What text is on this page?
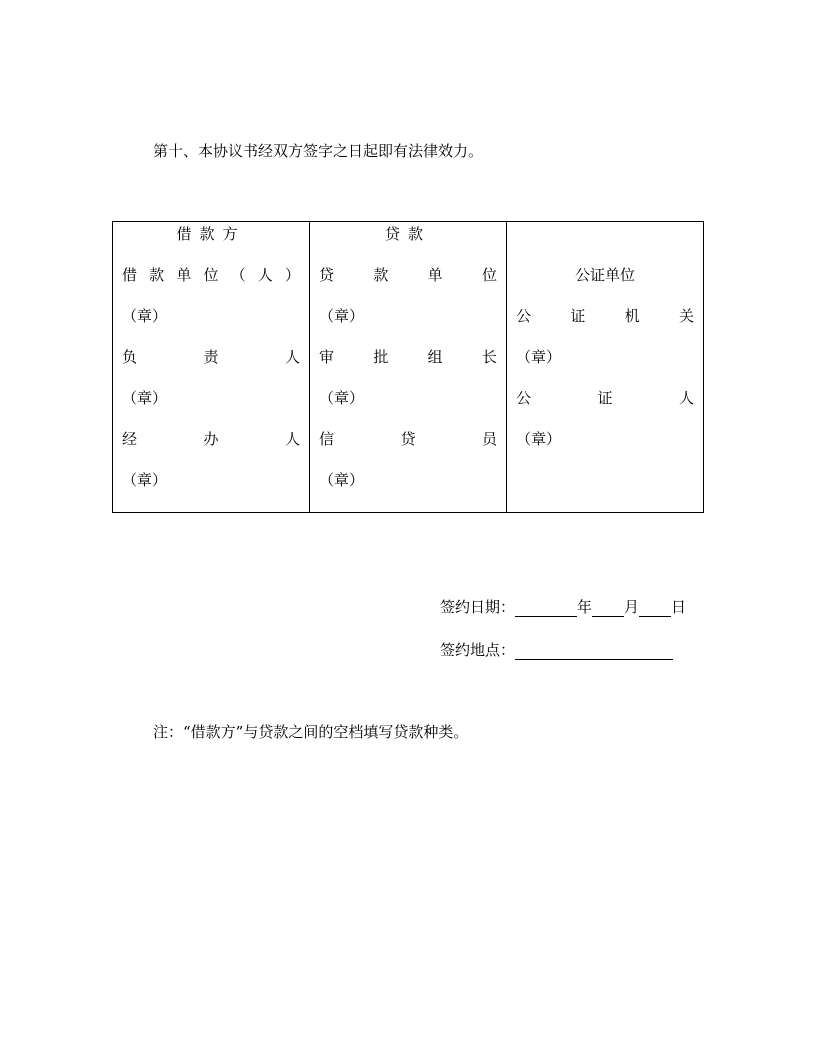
第十、本协议书经双方签字之日起即有法律效力。
借款方
借 款 单 位 （ 人 ）
（章）
负	责	人
（章）
经	办	人
（章）

贷款
贷	款	单	位
（章）
审	批	组	长
（章）
信	贷	员
（章）

公证单位
公	证	机	关
（章）
公	证	人
（章）
签约日期：	年 月 日
签约地点：
注：“借款方”与贷款之间的空档填写贷款种类。
